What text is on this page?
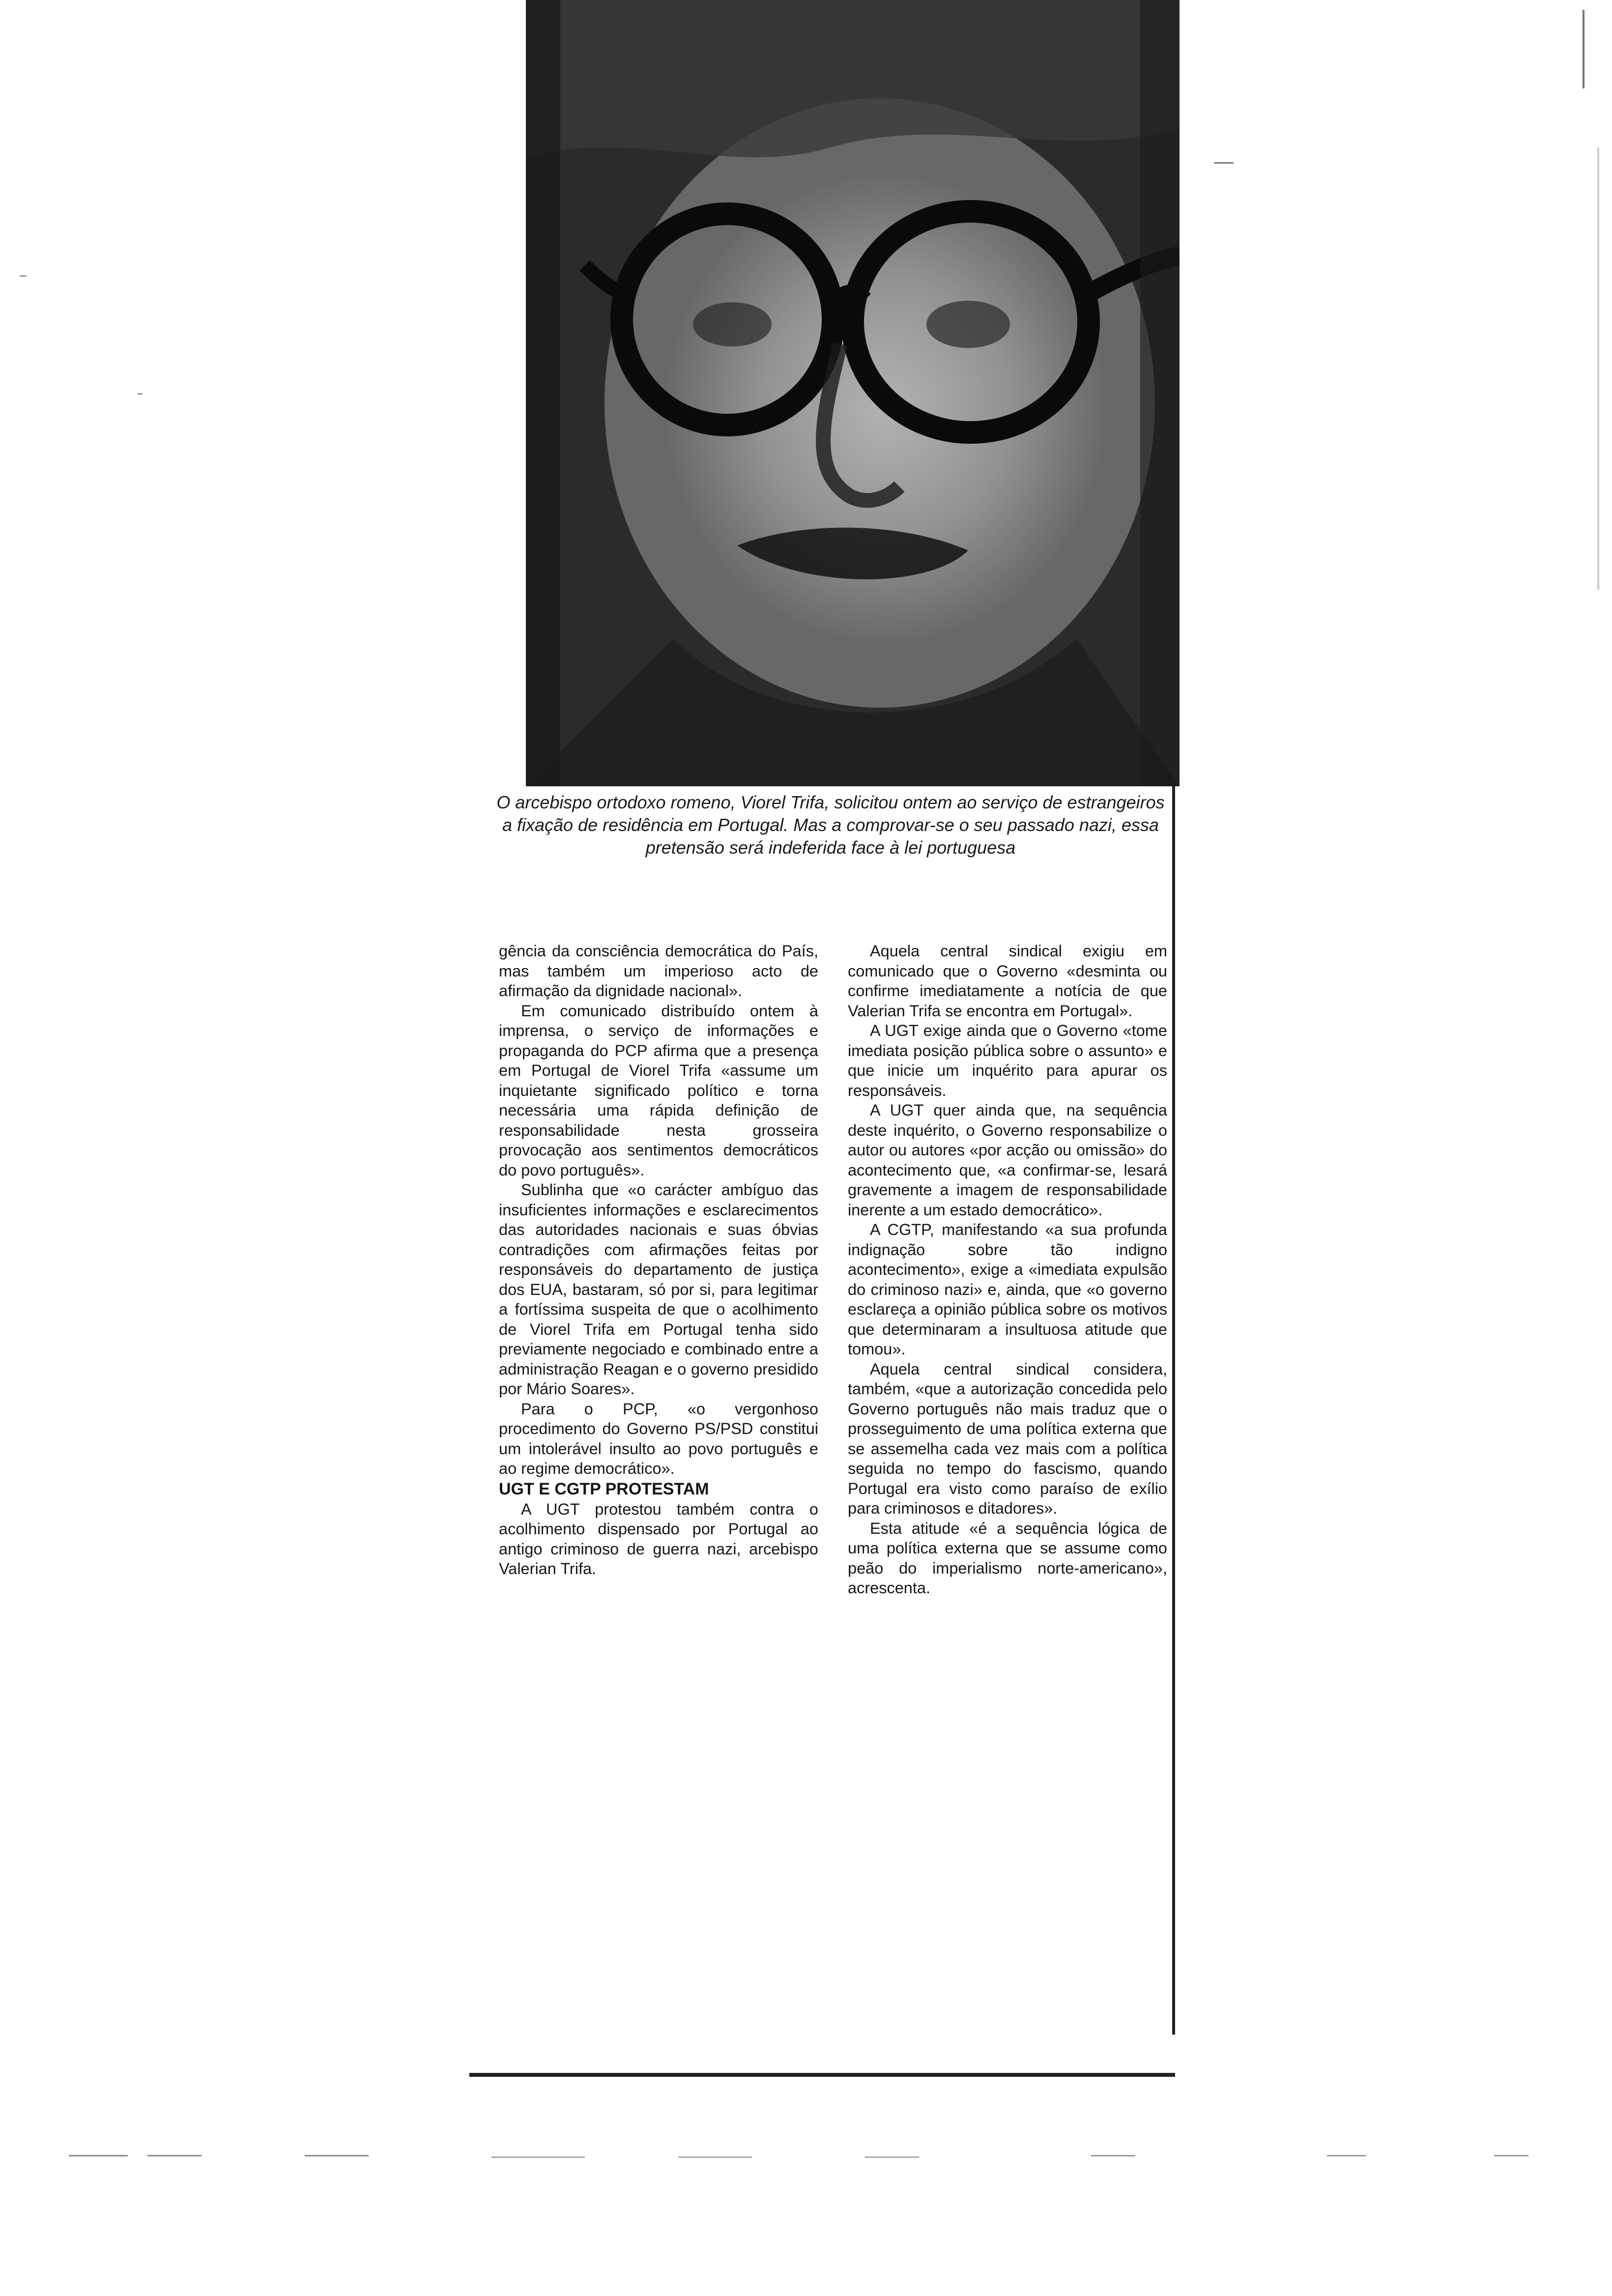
O arcebispo ortodoxo romeno, Viorel Trifa, solicitou ontem ao serviço de estrangeiros a fixação de residência em Portugal. Mas a comprovar-se o seu passado nazi, essa pretensão será indeferida face à lei portuguesa

gência da consciência democrática do País, mas também um imperioso acto de afirmação da dignidade nacional».

Em comunicado distribuído ontem à imprensa, o serviço de informações e propaganda do PCP afirma que a presença em Portugal de Viorel Trifa «assume um inquietante significado político e torna necessária uma rápida definição de responsabilidade nesta grosseira provocação aos sentimentos democráticos do povo português».

Sublinha que «o carácter ambíguo das insuficientes informações e esclarecimentos das autoridades nacionais e suas óbvias contradições com afirmações feitas por responsáveis do departamento de justiça dos EUA, bastaram, só por si, para legitimar a fortíssima suspeita de que o acolhimento de Viorel Trifa em Portugal tenha sido previamente negociado e combinado entre a administração Reagan e o governo presidido por Mário Soares».

Para o PCP, «o vergonhoso procedimento do Governo PS/PSD constitui um intolerável insulto ao povo português e ao regime democrático».

UGT E CGTP PROTESTAM

A UGT protestou também contra o acolhimento dispensado por Portugal ao antigo criminoso de guerra nazi, arcebispo Valerian Trifa.

Aquela central sindical exigiu em comunicado que o Governo «desminta ou confirme imediatamente a notícia de que Valerian Trifa se encontra em Portugal».

A UGT exige ainda que o Governo «tome imediata posição pública sobre o assunto» e que inicie um inquérito para apurar os responsáveis.

A UGT quer ainda que, na sequência deste inquérito, o Governo responsabilize o autor ou autores «por acção ou omissão» do acontecimento que, «a confirmar-se, lesará gravemente a imagem de responsabilidade inerente a um estado democrático».

A CGTP, manifestando «a sua profunda indignação sobre tão indigno acontecimento», exige a «imediata expulsão do criminoso nazi» e, ainda, que «o governo esclareça a opinião pública sobre os motivos que determinaram a insultuosa atitude que tomou».

Aquela central sindical considera, também, «que a autorização concedida pelo Governo português não mais traduz que o prosseguimento de uma política externa que se assemelha cada vez mais com a política seguida no tempo do fascismo, quando Portugal era visto como paraíso de exílio para criminosos e ditadores».

Esta atitude «é a sequência lógica de uma política externa que se assume como peão do imperialismo norte-americano», acrescenta.
